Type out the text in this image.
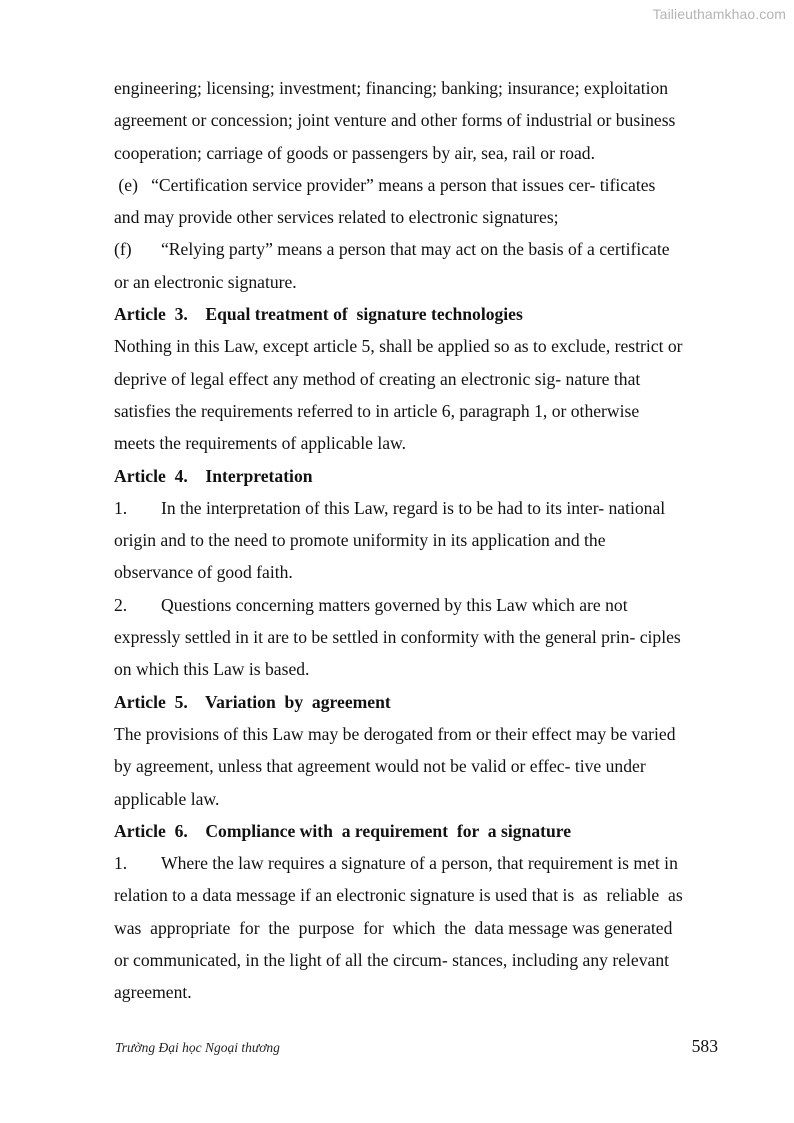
Tailieuthamkhao.com
engineering; licensing; investment; financing; banking; insurance; exploitation
agreement or concession; joint venture and other forms of industrial or business
cooperation; carriage of goods or passengers by air, sea, rail or road.
(e)   “Certification service provider” means a person that issues cer- tificates
and may provide other services related to electronic signatures;
(f) “Relying party” means a person that may act on the basis of a certificate
or an electronic signature.
Article  3.    Equal treatment of  signature technologies
Nothing in this Law, except article 5, shall be applied so as to exclude, restrict or
deprive of legal effect any method of creating an electronic sig- nature that
satisfies the requirements referred to in article 6, paragraph 1, or otherwise
meets the requirements of applicable law.
Article  4.    Interpretation
1. In the interpretation of this Law, regard is to be had to its inter- national
origin and to the need to promote uniformity in its application and the
observance of good faith.
2. Questions concerning matters governed by this Law which are not
expressly settled in it are to be settled in conformity with the general prin- ciples
on which this Law is based.
Article  5.    Variation  by  agreement
The provisions of this Law may be derogated from or their effect may be varied
by agreement, unless that agreement would not be valid or effec- tive under
applicable law.
Article  6.    Compliance with  a requirement  for  a signature
1. Where the law requires a signature of a person, that requirement is met in
relation to a data message if an electronic signature is used that is  as  reliable  as
was  appropriate  for  the  purpose  for  which  the  data message was generated
or communicated, in the light of all the circum- stances, including any relevant
agreement.
Trường Đại học Ngoại thương	583
